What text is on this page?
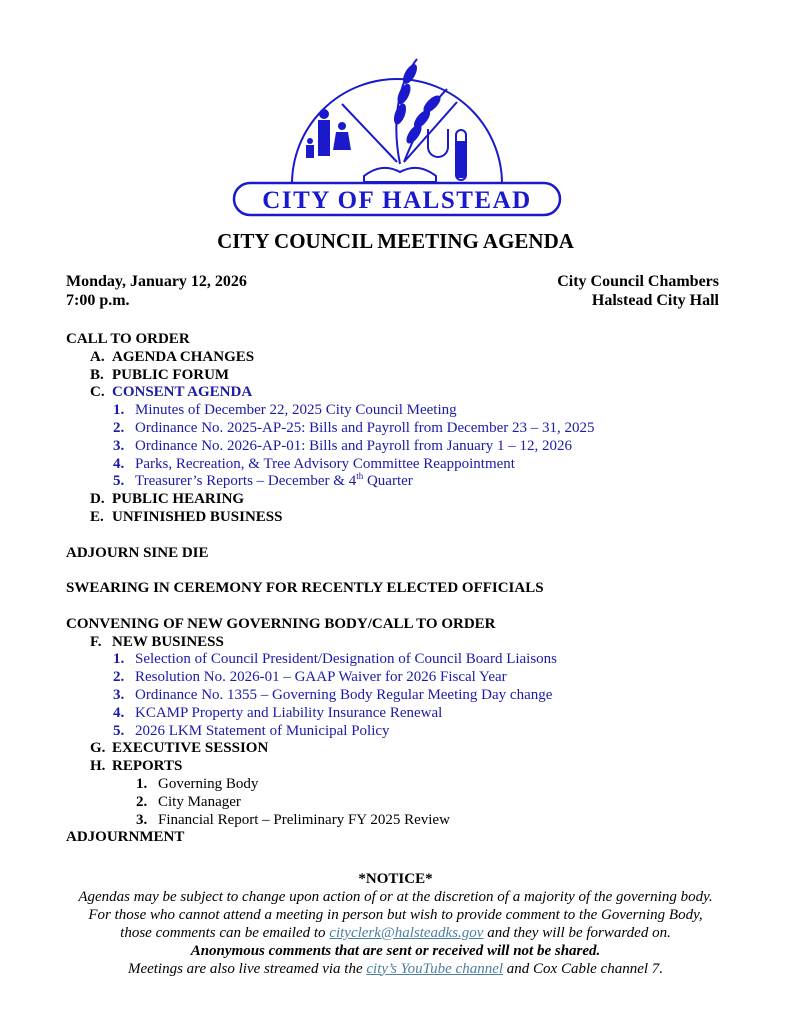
CITY OF HALSTEAD
CITY COUNCIL MEETING AGENDA
Monday, January 12, 2026
7:00 p.m.
City Council Chambers
Halstead City Hall
CALL TO ORDER
A. AGENDA CHANGES
B. PUBLIC FORUM
C. CONSENT AGENDA
1. Minutes of December 22, 2025 City Council Meeting
2. Ordinance No. 2025-AP-25: Bills and Payroll from December 23 – 31, 2025
3. Ordinance No. 2026-AP-01: Bills and Payroll from January 1 – 12, 2026
4. Parks, Recreation, & Tree Advisory Committee Reappointment
5. Treasurer’s Reports – December & 4th Quarter
D. PUBLIC HEARING
E. UNFINISHED BUSINESS
ADJOURN SINE DIE
SWEARING IN CEREMONY FOR RECENTLY ELECTED OFFICIALS
CONVENING OF NEW GOVERNING BODY/CALL TO ORDER
F. NEW BUSINESS
1. Selection of Council President/Designation of Council Board Liaisons
2. Resolution No. 2026-01 – GAAP Waiver for 2026 Fiscal Year
3. Ordinance No. 1355 – Governing Body Regular Meeting Day change
4. KCAMP Property and Liability Insurance Renewal
5. 2026 LKM Statement of Municipal Policy
G. EXECUTIVE SESSION
H. REPORTS
1. Governing Body
2. City Manager
3. Financial Report – Preliminary FY 2025 Review
ADJOURNMENT
*NOTICE*
Agendas may be subject to change upon action of or at the discretion of a majority of the governing body.
For those who cannot attend a meeting in person but wish to provide comment to the Governing Body,
those comments can be emailed to cityclerk@halsteadks.gov and they will be forwarded on.
Anonymous comments that are sent or received will not be shared.
Meetings are also live streamed via the city’s YouTube channel and Cox Cable channel 7.
